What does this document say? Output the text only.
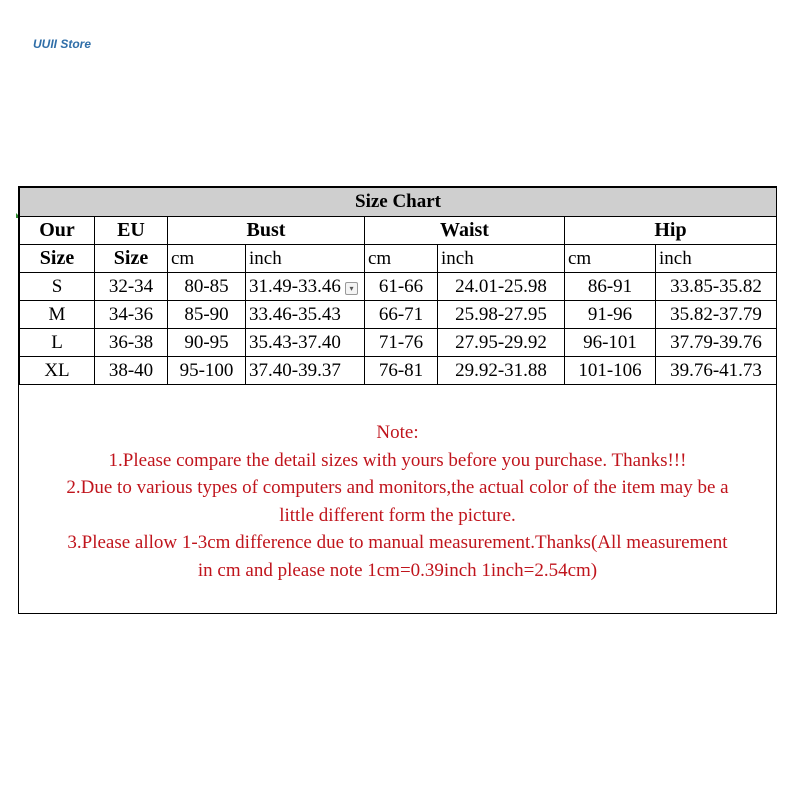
UUII Store
Size Chart							
Our	EU	Bust		Waist		Hip	
Size	Size	cm	inch	cm	inch	cm	inch
S	32-34	80-85	31.49-33.46	61-66	24.01-25.98	86-91	33.85-35.82
M	34-36	85-90	33.46-35.43	66-71	25.98-27.95	91-96	35.82-37.79
L	36-38	90-95	35.43-37.40	71-76	27.95-29.92	96-101	37.79-39.76
XL	38-40	95-100	37.40-39.37	76-81	29.92-31.88	101-106	39.76-41.73
Note:
1.Please compare the detail sizes with yours before you purchase. Thanks!!!
2.Due to various types of computers and monitors,the actual color of the item may be a
little different form the picture.
3.Please allow 1-3cm difference due to manual measurement.Thanks(All measurement
in cm and please note 1cm=0.39inch 1inch=2.54cm)
▾
